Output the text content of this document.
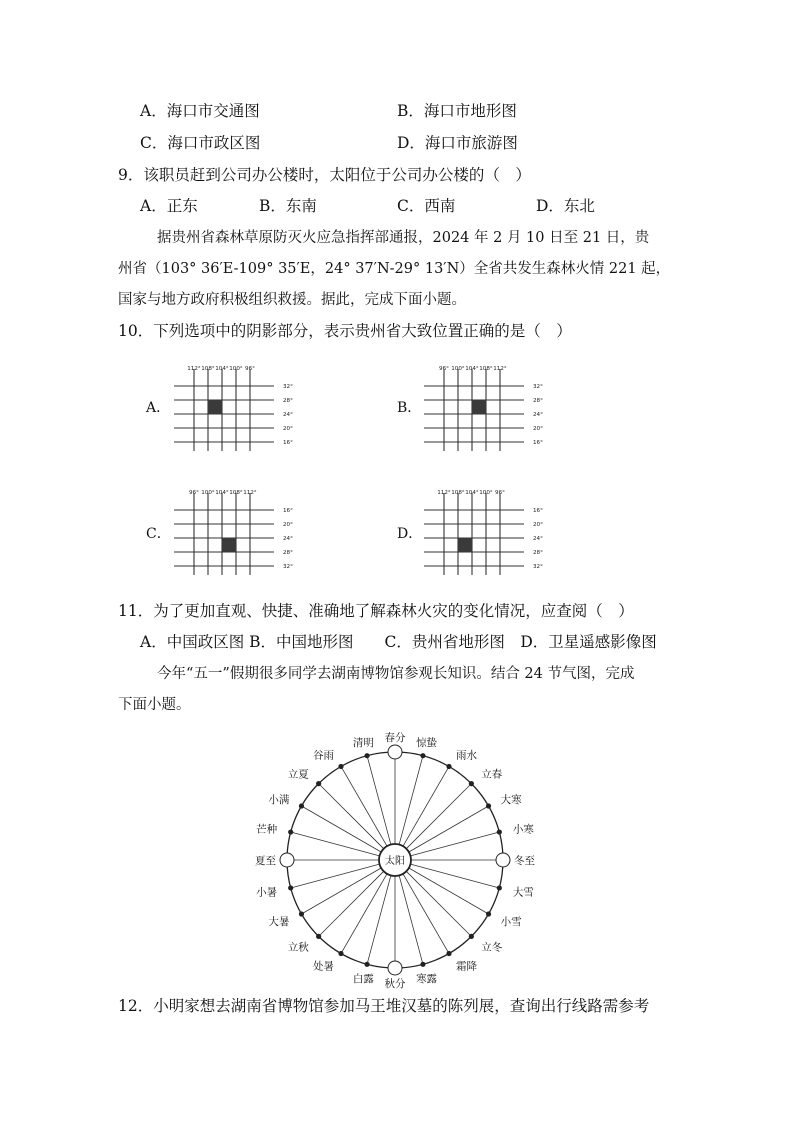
A．海口市交通图	B．海口市地形图
C．海口市政区图	D．海口市旅游图
9．该职员赶到公司办公楼时，太阳位于公司办公楼的（　）
A．正东	B．东南	C．西南	D．东北
据贵州省森林草原防灭火应急指挥部通报，2024 年 2 月 10 日至 21 日，贵
州省（103° 36′E-109° 35′E，24° 37′N-29° 13′N）全省共发生森林火情 221 起，
国家与地方政府积极组织救援。据此，完成下面小题。
10．下列选项中的阴影部分，表示贵州省大致位置正确的是（　）
A．	B．
C．	D．
112° 108° 104° 100° 96°
32°
28°
24°
20°
16°
96° 100° 104° 108° 112°
32°
28°
24°
20°
16°
96° 100° 104° 108° 112°
16°
20°
24°
28°
32°
112° 108° 104° 100° 96°
16°
20°
24°
28°
32°
11．为了更加直观、快捷、准确地了解森林火灾的变化情况，应查阅（　）
A．中国政区图 B．中国地形图　　C．贵州省地形图　D．卫星遥感影像图
今年“五一”假期很多同学去湖南博物馆参观长知识。结合 24 节气图，完成
下面小题。
太阳
春分 惊蛰
雨水
立春
大寒
小寒
冬至
大雪
小雪
立冬
霜降
寒露
秋分
白露
处暑
立秋
大暑
小暑
夏至
芒种
小满
立夏
谷雨
清明
12．小明家想去湖南省博物馆参加马王堆汉墓的陈列展，查询出行线路需参考
